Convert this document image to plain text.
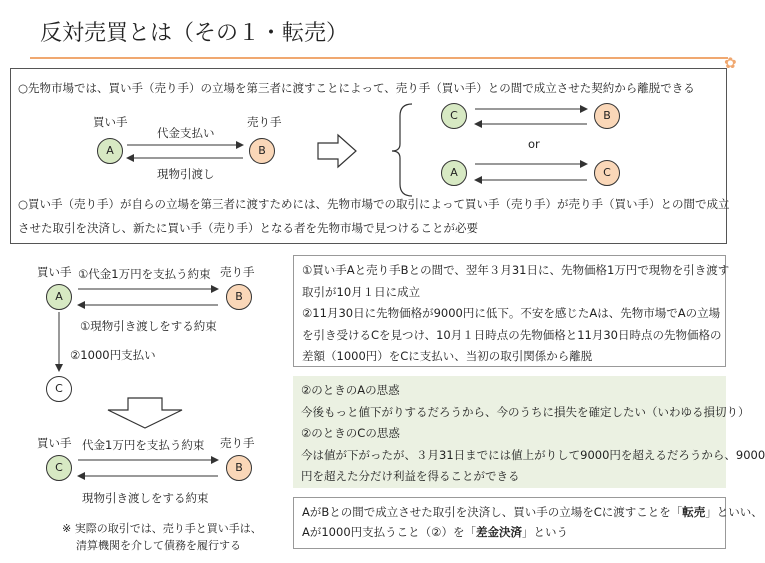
反対売買とは（その１・転売）
✿
○先物市場では、買い手（売り手）の立場を第三者に渡すことによって、売り手（買い手）との間で成立させた契約から離脱できる
○買い手（売り手）が自らの立場を第三者に渡すためには、先物市場での取引によって買い手（売り手）が売り手（買い手）との間で成立
させた取引を決済し、新たに買い手（売り手）となる者を先物市場で見つけることが必要
買い手	売り手
A	B
代金支払い
現物引渡し
C	B
or
A	C
買い手	売り手
①代金1万円を支払う約束
A	B
①現物引き渡しをする約束
②1000円支払い
C
買い手	売り手
代金1万円を支払う約束
C	B
現物引き渡しをする約束
※ 実際の取引では、売り手と買い手は、
清算機関を介して債務を履行する

①買い手Aと売り手Bとの間で、翌年３月31日に、先物価格1万円で現物を引き渡す

取引が10月１日に成立

②11月30日に先物価格が9000円に低下。不安を感じたAは、先物市場でAの立場

を引き受けるCを見つけ、10月１日時点の先物価格と11月30日時点の先物価格の

差額（1000円）をCに支払い、当初の取引関係から離脱

②のときのAの思惑

今後もっと値下がりするだろうから、今のうちに損失を確定したい（いわゆる損切り）

②のときのCの思惑

今は値が下がったが、３月31日までには値上がりして9000円を超えるだろうから、9000

円を超えた分だけ利益を得ることができる

AがBとの間で成立させた取引を決済し、買い手の立場をCに渡すことを「転売」といい、

Aが1000円支払うこと（②）を「差金決済」という
